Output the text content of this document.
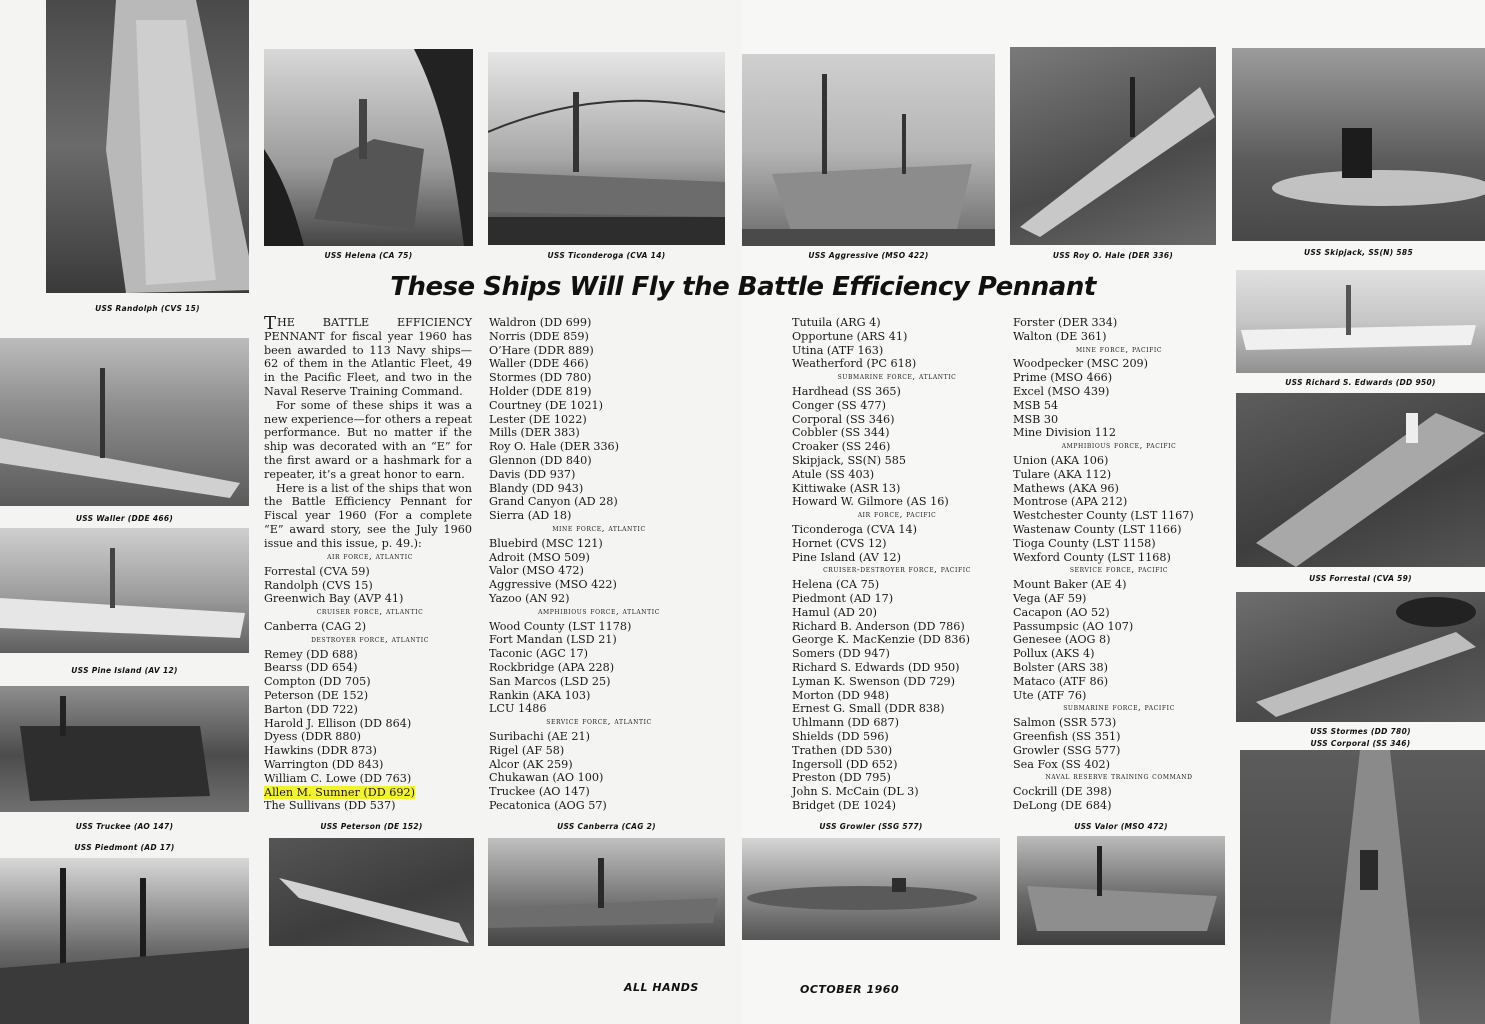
USS Randolph (CVS 15)
USS Helena (CA 75)	USS Ticonderoga (CVA 14)	USS Aggressive (MSO 422)	USS Roy O. Hale (DER 336)	USS Skipjack, SS(N) 585
USS Waller (DDE 466)
USS Pine Island (AV 12)
USS Truckee (AO 147)
USS Piedmont (AD 17)
USS Peterson (DE 152)	USS Canberra (CAG 2)	USS Growler (SSG 577)	USS Valor (MSO 472)
USS Richard S. Edwards (DD 950)
USS Forrestal (CVA 59)
USS Stormes (DD 780)
USS Corporal (SS 346)
These Ships Will Fly the Battle Efficiency Pennant

THE BATTLE EFFICIENCY PENNANT for fiscal year 1960 has been awarded to 113 Navy ships—62 of them in the Atlantic Fleet, 49 in the Pacific Fleet, and two in the Naval Reserve Training Command.

For some of these ships it was a new experience—for others a repeat performance. But no matter if the ship was decorated with an “E” for the first award or a hashmark for a repeater, it’s a great honor to earn.

Here is a list of the ships that won the Battle Efficiency Pennant for Fiscal year 1960 (For a complete “E” award story, see the July 1960 issue and this issue, p. 49.):

air force, atlantic
Forrestal (CVA 59)
Randolph (CVS 15)
Greenwich Bay (AVP 41)
cruiser force, atlantic
Canberra (CAG 2)
destroyer force, atlantic
Remey (DD 688)
Bearss (DD 654)
Compton (DD 705)
Peterson (DE 152)
Barton (DD 722)
Harold J. Ellison (DD 864)
Dyess (DDR 880)
Hawkins (DDR 873)
Warrington (DD 843)
William C. Lowe (DD 763)
Allen M. Sumner (DD 692)
The Sullivans (DD 537)
Waldron (DD 699)
Norris (DDE 859)
O’Hare (DDR 889)
Waller (DDE 466)
Stormes (DD 780)
Holder (DDE 819)
Courtney (DE 1021)
Lester (DE 1022)
Mills (DER 383)
Roy O. Hale (DER 336)
Glennon (DD 840)
Davis (DD 937)
Blandy (DD 943)
Grand Canyon (AD 28)
Sierra (AD 18)
mine force, atlantic
Bluebird (MSC 121)
Adroit (MSO 509)
Valor (MSO 472)
Aggressive (MSO 422)
Yazoo (AN 92)
amphibious force, atlantic
Wood County (LST 1178)
Fort Mandan (LSD 21)
Taconic (AGC 17)
Rockbridge (APA 228)
San Marcos (LSD 25)
Rankin (AKA 103)
LCU 1486
service force, atlantic
Suribachi (AE 21)
Rigel (AF 58)
Alcor (AK 259)
Chukawan (AO 100)
Truckee (AO 147)
Pecatonica (AOG 57)
Tutuila (ARG 4)
Opportune (ARS 41)
Utina (ATF 163)
Weatherford (PC 618)
submarine force, atlantic
Hardhead (SS 365)
Conger (SS 477)
Corporal (SS 346)
Cobbler (SS 344)
Croaker (SS 246)
Skipjack, SS(N) 585
Atule (SS 403)
Kittiwake (ASR 13)
Howard W. Gilmore (AS 16)
air force, pacific
Ticonderoga (CVA 14)
Hornet (CVS 12)
Pine Island (AV 12)
cruiser-destroyer force, pacific
Helena (CA 75)
Piedmont (AD 17)
Hamul (AD 20)
Richard B. Anderson (DD 786)
George K. MacKenzie (DD 836)
Somers (DD 947)
Richard S. Edwards (DD 950)
Lyman K. Swenson (DD 729)
Morton (DD 948)
Ernest G. Small (DDR 838)
Uhlmann (DD 687)
Shields (DD 596)
Trathen (DD 530)
Ingersoll (DD 652)
Preston (DD 795)
John S. McCain (DL 3)
Bridget (DE 1024)
Forster (DER 334)
Walton (DE 361)
mine force, pacific
Woodpecker (MSC 209)
Prime (MSO 466)
Excel (MSO 439)
MSB 54
MSB 30
Mine Division 112
amphibious force, pacific
Union (AKA 106)
Tulare (AKA 112)
Mathews (AKA 96)
Montrose (APA 212)
Westchester County (LST 1167)
Wastenaw County (LST 1166)
Tioga County (LST 1158)
Wexford County (LST 1168)
service force, pacific
Mount Baker (AE 4)
Vega (AF 59)
Cacapon (AO 52)
Passumpsic (AO 107)
Genesee (AOG 8)
Pollux (AKS 4)
Bolster (ARS 38)
Mataco (ATF 86)
Ute (ATF 76)
submarine force, pacific
Salmon (SSR 573)
Greenfish (SS 351)
Growler (SSG 577)
Sea Fox (SS 402)
naval reserve training command
Cockrill (DE 398)
DeLong (DE 684)
ALL HANDS	OCTOBER 1960
